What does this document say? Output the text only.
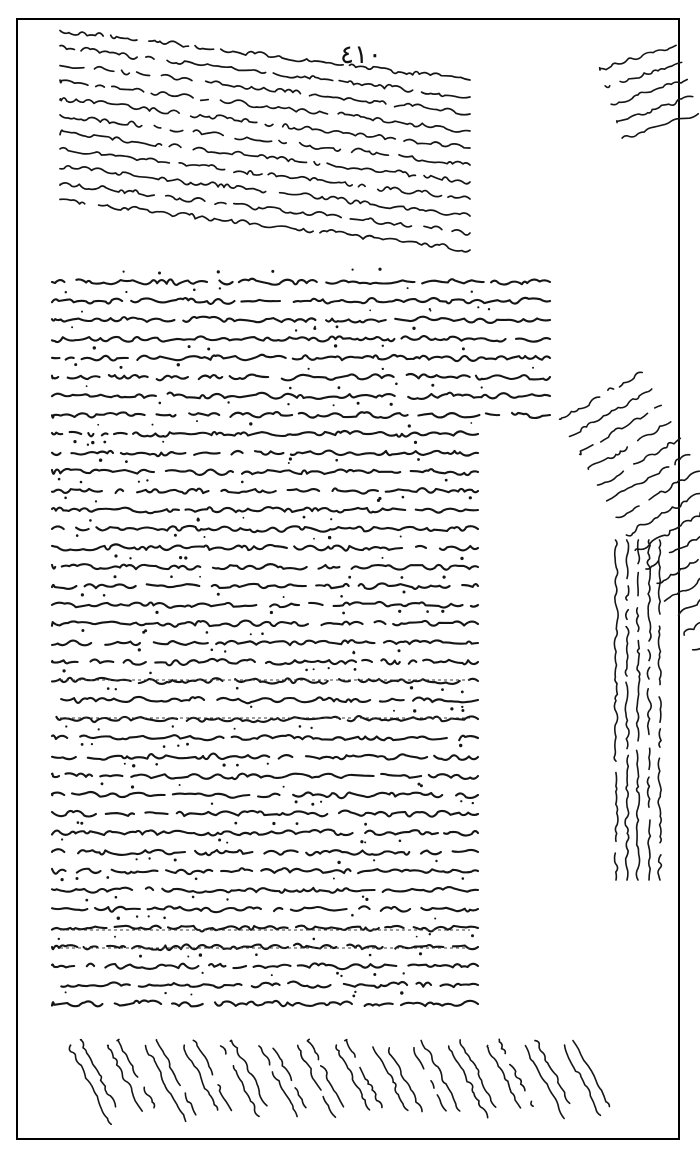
٤١٠
